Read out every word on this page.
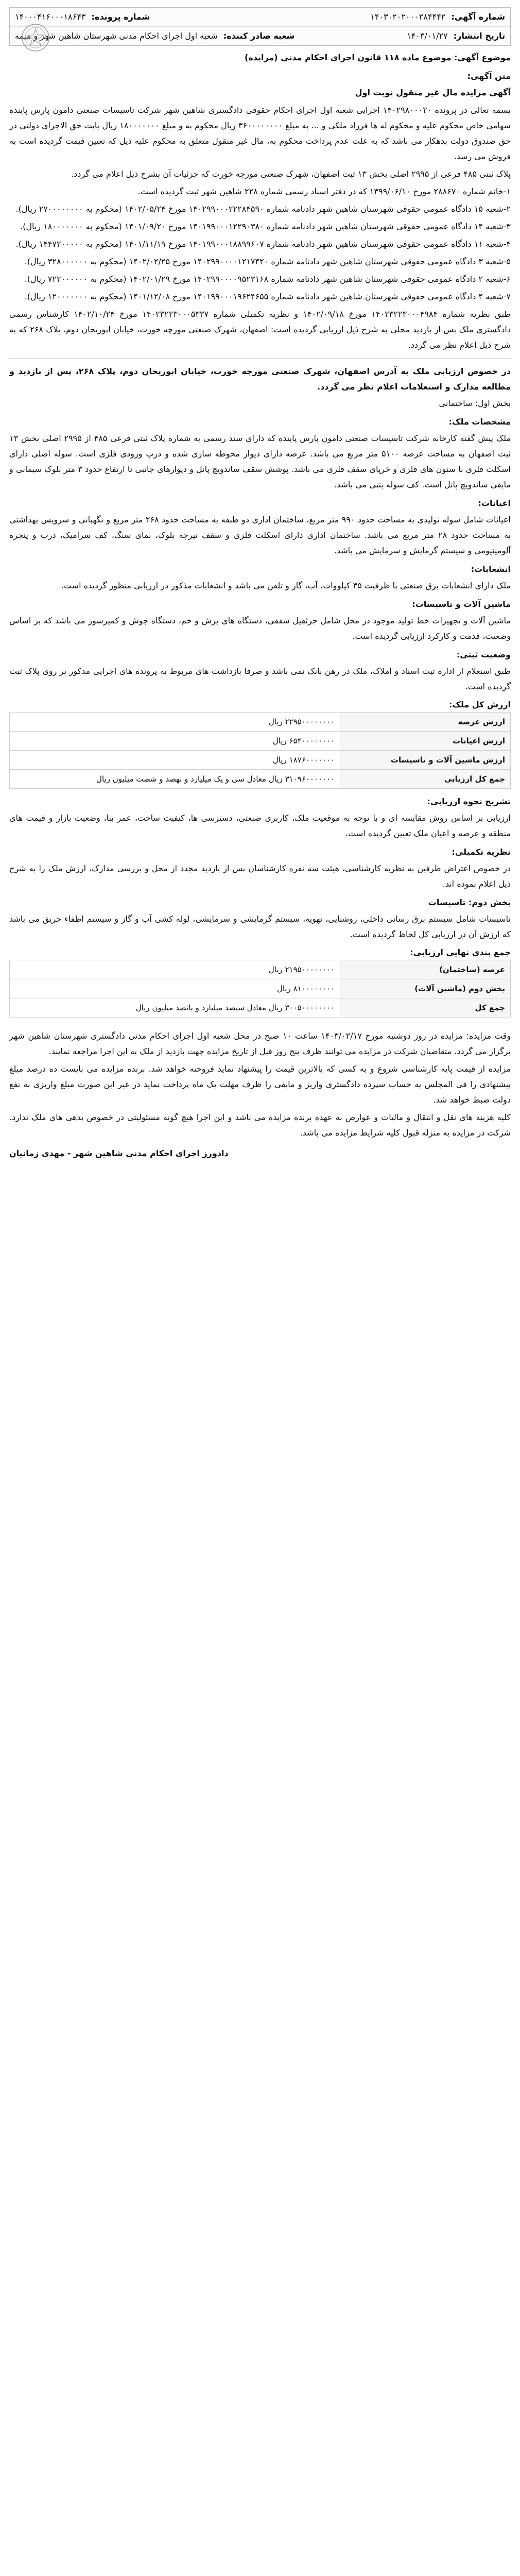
شماره آگهی: ۱۴۰۳۰۲۰۲۰۰۰۲۸۴۴۴۲
شماره پرونده: ۱۴۰۰۰۴۱۶۰۰۰۱۸۶۴۳
تاریخ انتشار: ۱۴۰۳/۰۱/۲۷
شعبه صادر کننده: شعبه اول اجرای احکام مدنی شهرستان شاهین شهر و میمه
موضوع آگهی: موضوع ماده ۱۱۸ قانون اجرای احکام مدنی (مزایده)
متن آگهی:

آگهی مزایده مال غیر منقول نوبت اول

بسمه تعالی در پرونده ۱۴۰۲۹۸۰۰۰۲۰ اجرایی شعبه اول اجرای احکام حقوقی دادگستری شاهین شهر شرکت تاسیسات صنعتی دامون پارس پاینده سهامی خاص محکوم علیه و محکوم له ها فرزاد ملکی و ... به مبلغ ۳۶۰۰۰۰۰۰۰۰ ریال محکوم به و مبلغ ۱۸۰۰۰۰۰۰۰ ریال بابت حق الاجرای دولتی در حق صندوق دولت بدهکار می باشد که به علت عدم پرداخت محکوم به، مال غیر منقول متعلق به محکوم علیه ذیل که تعیین قیمت گردیده است به فروش می رسد.

پلاک ثبتی ۴۸۵ فرعی از ۲۹۹۵ اصلی بخش ۱۳ ثبت اصفهان، شهرک صنعتی مورچه خورت که جزئیات آن بشرح ذیل اعلام می گردد.

۱-خانم شماره ۲۸۸۶۷۰ مورخ ۱۳۹۹/۰۶/۱۰ که در دفتر اسناد رسمی شماره ۲۲۸ شاهین شهر ثبت گردیده است.

۲-شعبه ۱۵ دادگاه عمومی حقوقی شهرستان شاهین شهر دادنامه شماره ۱۴۰۲۹۹۰۰۰۲۲۲۸۴۵۹۰ مورخ ۱۴۰۲/۰۵/۲۴ (محکوم به ۲۷۰۰۰۰۰۰۰۰ ریال).

۳-شعبه ۱۴ دادگاه عمومی حقوقی شهرستان شاهین شهر دادنامه شماره ۱۴۰۱۹۹۰۰۰۱۲۲۹۰۳۸۰ مورخ ۱۴۰۱/۰۹/۲۰ (محکوم به ۱۸۰۰۰۰۰۰۰ ریال).

۴-شعبه ۱۱ دادگاه عمومی حقوقی شهرستان شاهین شهر دادنامه شماره ۱۴۰۱۹۹۰۰۰۱۸۸۹۹۶۰۷ مورخ ۱۴۰۱/۱۱/۱۹ (محکوم به ۱۴۴۷۲۰۰۰۰۰ ریال).

۵-شعبه ۳ دادگاه عمومی حقوقی شهرستان شاهین شهر دادنامه شماره ۱۴۰۲۹۹۰۰۰۰۱۲۱۷۴۲۰ مورخ ۱۴۰۲/۰۲/۲۵ (محکوم به ۳۲۸۰۰۰۰۰۰ ریال).

۶-شعبه ۲ دادگاه عمومی حقوقی شهرستان شاهین شهر دادنامه شماره ۱۴۰۲۹۹۰۰۰۰۹۵۲۳۱۶۸ مورخ ۱۴۰۲/۰۱/۲۹ (محکوم به ۷۲۲۰۰۰۰۰۰ ریال).

۷-شعبه ۴ دادگاه عمومی حقوقی شهرستان شاهین شهر دادنامه شماره ۱۴۰۱۹۹۰۰۰۱۹۶۲۴۶۵۵ مورخ ۱۴۰۱/۱۲/۰۸ (محکوم به ۱۲۰۰۰۰۰۰۰ ریال).

طبق نظریه شماره ۱۴۰۲۳۲۲۳۰۰۰۴۹۸۴ مورخ ۱۴۰۲/۰۹/۱۸ و نظریه تکمیلی شماره ۱۴۰۲۳۲۲۳۰۰۰۵۳۳۷ مورخ ۱۴۰۲/۱۰/۲۴ کارشناس رسمی دادگستری ملک پس از بازدید محلی به شرح ذیل ارزیابی گردیده است: اصفهان، شهرک صنعتی مورچه خورت، خیابان ابوریحان دوم، پلاک ۲۶۸ که به شرح ذیل اعلام نظر می گردد.

در خصوص ارزیابی ملک به آدرس اصفهان، شهرک صنعتی مورچه خورت، خیابان ابوریحان دوم، پلاک ۲۶۸، پس از بازدید و مطالعه مدارک و استعلامات اعلام نظر می گردد.

بخش اول: ساختمانی

مشخصات ملک:

ملک پیش گفته کارخانه شرکت تاسیسات صنعتی دامون پارس پاینده که دارای سند رسمی به شماره پلاک ثبتی فرعی ۴۸۵ از ۲۹۹۵ اصلی بخش ۱۳ ثبت اصفهان به مساحت عرصه ۵۱۰۰ متر مربع می باشد. عرصه دارای دیوار محوطه سازی شده و درب ورودی فلزی است. سوله اصلی دارای اسکلت فلزی با ستون های فلزی و خرپای سقف فلزی می باشد. پوشش سقف ساندویچ پانل و دیوارهای جانبی تا ارتفاع حدود ۳ متر بلوک سیمانی و مابقی ساندویچ پانل است. کف سوله بتنی می باشد.

اعیانات:

اعیانات شامل سوله تولیدی به مساحت حدود ۹۹۰ متر مربع، ساختمان اداری دو طبقه به مساحت حدود ۲۶۸ متر مربع و نگهبانی و سرویس بهداشتی به مساحت حدود ۲۸ متر مربع می باشد. ساختمان اداری دارای اسکلت فلزی و سقف تیرچه بلوک، نمای سنگ، کف سرامیک، درب و پنجره آلومینیومی و سیستم گرمایش و سرمایش می باشد.

انشعابات:

ملک دارای انشعابات برق صنعتی با ظرفیت ۳۵ کیلووات، آب، گاز و تلفن می باشد و انشعابات مذکور در ارزیابی منظور گردیده است.

ماشین آلات و تاسیسات:

ماشین آلات و تجهیزات خط تولید موجود در محل شامل جرثقیل سقفی، دستگاه های برش و خم، دستگاه جوش و کمپرسور می باشد که بر اساس وضعیت، قدمت و کارکرد ارزیابی گردیده است.

وضعیت ثبتی:

طبق استعلام از اداره ثبت اسناد و املاک، ملک در رهن بانک نمی باشد و صرفا بازداشت های مربوط به پرونده های اجرایی مذکور بر روی پلاک ثبت گردیده است.

ارزش کل ملک:
ارزش عرصه	۲۲۹۵۰۰۰۰۰۰۰۰ ریال
ارزش اعیانات	۶۵۴۰۰۰۰۰۰۰۰ ریال
ارزش ماشین آلات و تاسیسات	۱۸۷۶۰۰۰۰۰۰۰ ریال
جمع کل ارزیابی	۳۱۰۹۶۰۰۰۰۰۰۰ ریال معادل سی و یک میلیارد و نهصد و شصت میلیون ریال
تشریح نحوه ارزیابی:

ارزیابی بر اساس روش مقایسه ای و با توجه به موقعیت ملک، کاربری صنعتی، دسترسی ها، کیفیت ساخت، عمر بنا، وضعیت بازار و قیمت های منطقه و عرصه و اعیان ملک تعیین گردیده است.

نظریه تکمیلی:

در خصوص اعتراض طرفین به نظریه کارشناسی، هیئت سه نفره کارشناسان پس از بازدید مجدد از محل و بررسی مدارک، ارزش ملک را به شرح ذیل اعلام نموده اند.

بخش دوم: تاسیسات

تاسیسات شامل سیستم برق رسانی داخلی، روشنایی، تهویه، سیستم گرمایشی و سرمایشی، لوله کشی آب و گاز و سیستم اطفاء حریق می باشد که ارزش آن در ارزیابی کل لحاظ گردیده است.

جمع بندی نهایی ارزیابی:
عرصه (ساختمان)	۲۱۹۵۰۰۰۰۰۰۰۰ ریال
بخش دوم (ماشین آلات)	۸۱۰۰۰۰۰۰۰۰ ریال
جمع کل	۳۰۰۵۰۰۰۰۰۰۰۰ ریال معادل سیصد میلیارد و پانصد میلیون ریال

وقت مزایده: مزایده در روز دوشنبه مورخ ۱۴۰۳/۰۲/۱۷ ساعت ۱۰ صبح در محل شعبه اول اجرای احکام مدنی دادگستری شهرستان شاهین شهر برگزار می گردد. متقاضیان شرکت در مزایده می توانند ظرف پنج روز قبل از تاریخ مزایده جهت بازدید از ملک به این اجرا مراجعه نمایند.

مزایده از قیمت پایه کارشناسی شروع و به کسی که بالاترین قیمت را پیشنهاد نماید فروخته خواهد شد. برنده مزایده می بایست ده درصد مبلغ پیشنهادی را فی المجلس به حساب سپرده دادگستری واریز و مابقی را ظرف مهلت یک ماه پرداخت نماید در غیر این صورت مبلغ واریزی به نفع دولت ضبط خواهد شد.

کلیه هزینه های نقل و انتقال و مالیات و عوارض به عهده برنده مزایده می باشد و این اجرا هیچ گونه مسئولیتی در خصوص بدهی های ملک ندارد. شرکت در مزایده به منزله قبول کلیه شرایط مزایده می باشد.

دادورز اجرای احکام مدنی شاهین شهر - مهدی زمانیان
